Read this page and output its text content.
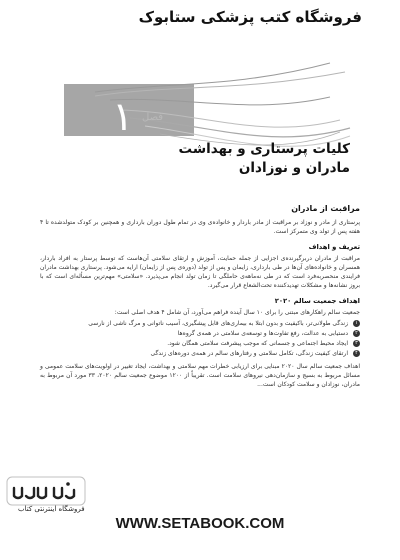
فروشگاه کتب پزشکی ستابوک
۱ فصل
کلیات پرستاری و بهداشت
مادران و نوزادان
مراقبت از مادران
پرستاری از مادر و نوزاد بر مراقبت از مادر باردار و خانواده‌ی وی در تمام طول دوران بارداری و همچنین بر کودک متولدشده تا ۴ هفته پس از تولد وی متمرکز است.
تعریف و اهداف
مراقبت از مادران دربرگیرنده‌ی اجزایی از جمله حمایت، آموزش و ارتقای سلامتی آن‌هاست که توسط پرستار به افراد باردار، همسران و خانواده‌های آن‌ها در طی بارداری، زایمان و پس از تولد (دوره‌ی پس از زایمان) ارایه می‌شود. پرستاری بهداشت مادران فرایندی منحصربه‌فرد است که در طی نه‌ماهه‌ی حاملگی تا زمان تولد انجام می‌پذیرد. «سلامتی» مهم‌ترین مسأله‌ای است که با بروز نشانه‌ها و مشکلات تهدیدکننده تحت‌الشعاع قرار می‌گیرد.
اهداف جمعیت سالم ۲۰۲۰
جمعیت سالم راهکارهای مبتنی را برای ۱۰ سال آینده فراهم می‌آورد، آن شامل ۴ هدف اصلی است:
۱
زندگی طولانی‌تر، باکیفیت و بدون ابتلا به بیماری‌های قابل پیشگیری، آسیب ناتوانی و مرگ ناشی از نارسی
۲
دستیابی به عدالت، رفع تفاوت‌ها و توسعه‌ی سلامتی در همه‌ی گروه‌ها
۳
ایجاد محیط اجتماعی و جسمانی که موجب پیشرفت سلامتی همگان شود.
۴
ارتقای کیفیت زندگی، تکامل سلامتی و رفتارهای سالم در همه‌ی دوره‌های زندگی
اهداف جمعیت سالم سال ۲۰۲۰ مبنایی برای ارزیابی خطرات مهم سلامتی و بهداشت، ایجاد تغییر در اولویت‌های سلامت عمومی و مسائل مربوط به بسیج و سازمان‌دهی نیروهای سلامت است. تقریباً از ۱۲۰۰ موضوع جمعیت سالم ۲۰۲۰، ۳۳ مورد آن مربوط به مادران، نوزادان و سلامت کودکان است...
فروشگاه اینترنتی کتاب
WWW.SETABOOK.COM
